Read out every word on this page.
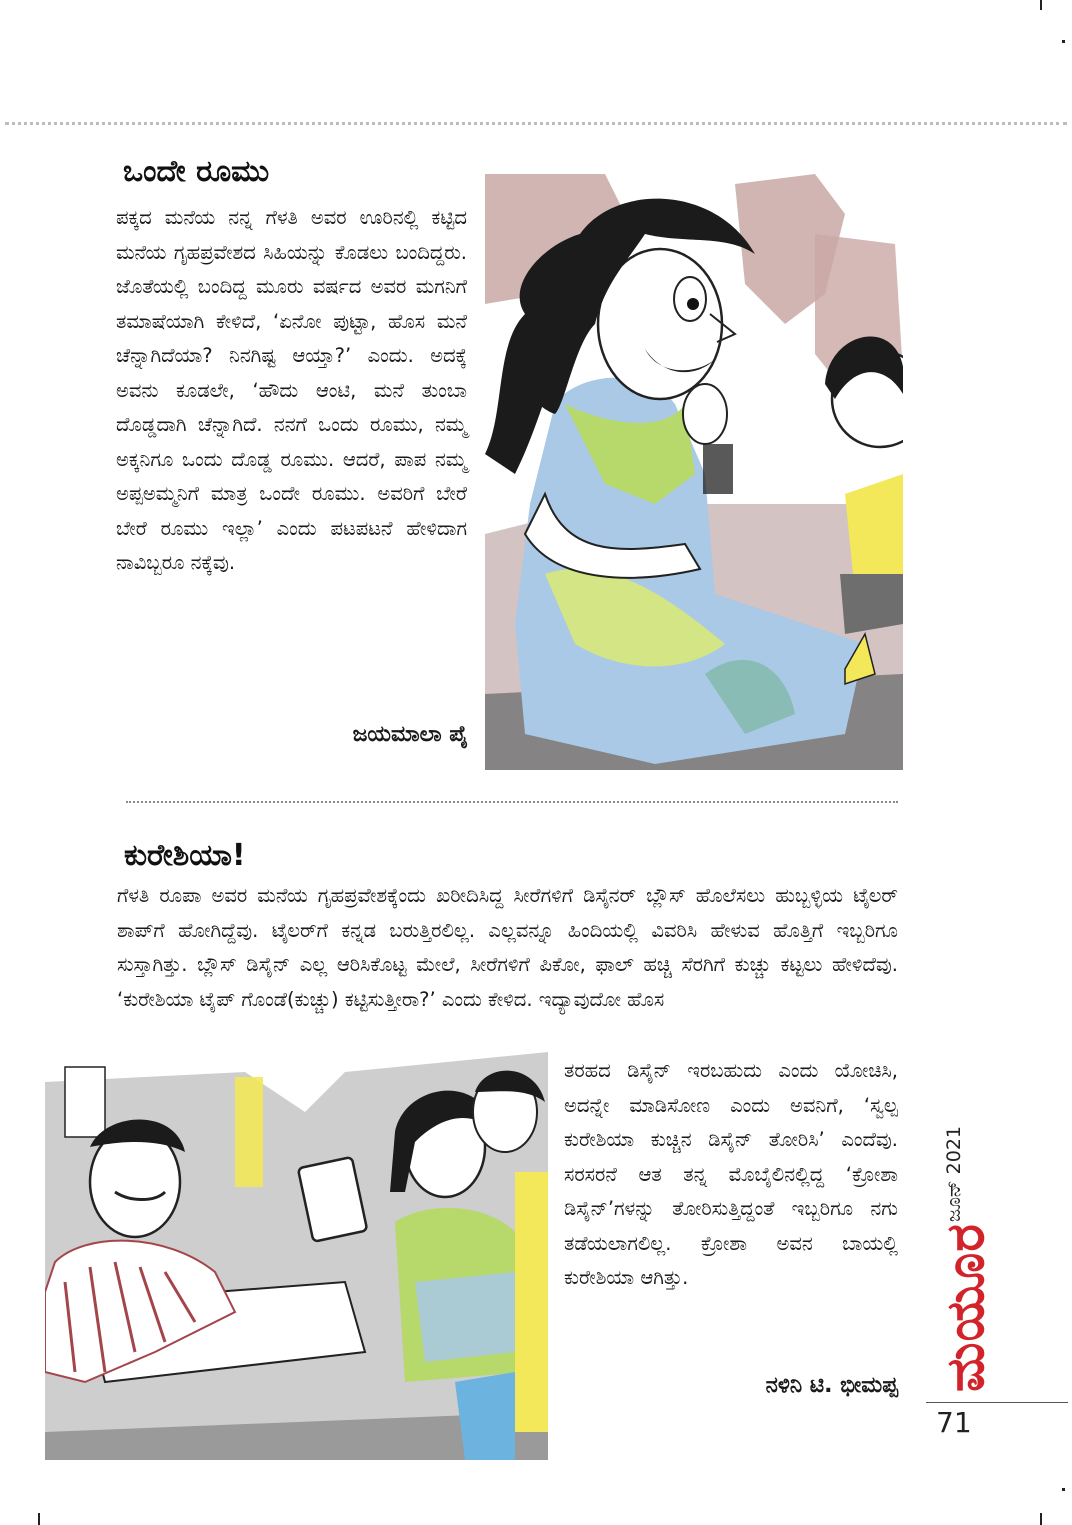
ಒಂದೇ ರೂಮು
ಪಕ್ಕದ ಮನೆಯ ನನ್ನ ಗೆಳತಿ ಅವರ ಊರಿನಲ್ಲಿ ಕಟ್ಟಿದ ಮನೆಯ ಗೃಹಪ್ರವೇಶದ ಸಿಹಿಯನ್ನು ಕೊಡಲು ಬಂದಿದ್ದರು. ಜೊತೆಯಲ್ಲಿ ಬಂದಿದ್ದ ಮೂರು ವರ್ಷದ ಅವರ ಮಗನಿಗೆ ತಮಾಷೆಯಾಗಿ ಕೇಳಿದೆ, ‘ಏನೋ ಪುಟ್ಟಾ, ಹೊಸ ಮನೆ ಚೆನ್ನಾಗಿದೆಯಾ? ನಿನಗಿಷ್ಟ ಆಯ್ತಾ?’ ಎಂದು. ಅದಕ್ಕೆ ಅವನು ಕೂಡಲೇ, ‘ಹೌದು ಆಂಟಿ, ಮನೆ ತುಂಬಾ ದೊಡ್ಡದಾಗಿ ಚೆನ್ನಾಗಿದೆ. ನನಗೆ ಒಂದು ರೂಮು, ನಮ್ಮ ಅಕ್ಕನಿಗೂ ಒಂದು ದೊಡ್ಡ ರೂಮು. ಆದರೆ, ಪಾಪ ನಮ್ಮ ಅಪ್ಪಅಮ್ಮನಿಗೆ ಮಾತ್ರ ಒಂದೇ ರೂಮು. ಅವರಿಗೆ ಬೇರೆ ಬೇರೆ ರೂಮು ಇಲ್ಲಾ’ ಎಂದು ಪಟಪಟನೆ ಹೇಳಿದಾಗ ನಾವಿಬ್ಬರೂ ನಕ್ಕೆವು.
ಜಯಮಾಲಾ ಪೈ
ಕುರೇಶಿಯಾ!
ಗೆಳತಿ ರೂಪಾ ಅವರ ಮನೆಯ ಗೃಹಪ್ರವೇಶಕ್ಕೆಂದು ಖರೀದಿಸಿದ್ದ ಸೀರೆಗಳಿಗೆ ಡಿಸೈನರ್ ಬ್ಲೌಸ್ ಹೊಲೆಸಲು ಹುಬ್ಬಳ್ಳಿಯ ಟೈಲರ್ ಶಾಪ್‌ಗೆ ಹೋಗಿದ್ದೆವು. ಟೈಲರ್‌ಗೆ ಕನ್ನಡ ಬರುತ್ತಿರಲಿಲ್ಲ. ಎಲ್ಲವನ್ನೂ ಹಿಂದಿಯಲ್ಲಿ ವಿವರಿಸಿ ಹೇಳುವ ಹೊತ್ತಿಗೆ ಇಬ್ಬರಿಗೂ ಸುಸ್ತಾಗಿತ್ತು. ಬ್ಲೌಸ್ ಡಿಸೈನ್ ಎಲ್ಲ ಆರಿಸಿಕೊಟ್ಟ ಮೇಲೆ, ಸೀರೆಗಳಿಗೆ ಪಿಕೋ, ಫಾಲ್ ಹಚ್ಚಿ ಸೆರಗಿಗೆ ಕುಚ್ಚು ಕಟ್ಟಲು ಹೇಳಿದೆವು. ‘ಕುರೇಶಿಯಾ ಟೈಪ್ ಗೊಂಡೆ(ಕುಚ್ಚು) ಕಟ್ಟಿಸುತ್ತೀರಾ?’ ಎಂದು ಕೇಳಿದ. ಇದ್ಯಾವುದೋ ಹೊಸ
ತರಹದ ಡಿಸೈನ್ ಇರಬಹುದು ಎಂದು ಯೋಚಿಸಿ, ಅದನ್ನೇ ಮಾಡಿಸೋಣ ಎಂದು ಅವನಿಗೆ, ‘ಸ್ವಲ್ಪ ಕುರೇಶಿಯಾ ಕುಚ್ಚಿನ ಡಿಸೈನ್ ತೋರಿಸಿ’ ಎಂದೆವು. ಸರಸರನೆ ಆತ ತನ್ನ ಮೊಬೈಲಿನಲ್ಲಿದ್ದ ‘ಕ್ರೋಶಾ ಡಿಸೈನ್’ಗಳನ್ನು ತೋರಿಸುತ್ತಿದ್ದಂತೆ ಇಬ್ಬರಿಗೂ ನಗು ತಡೆಯಲಾಗಲಿಲ್ಲ. ಕ್ರೋಶಾ ಅವನ ಬಾಯಲ್ಲಿ ಕುರೇಶಿಯಾ ಆಗಿತ್ತು.
ನಳಿನಿ ಟಿ. ಭೀಮಪ್ಪ
ಜೂನ್ 2021
ಮಯೂರ
71
